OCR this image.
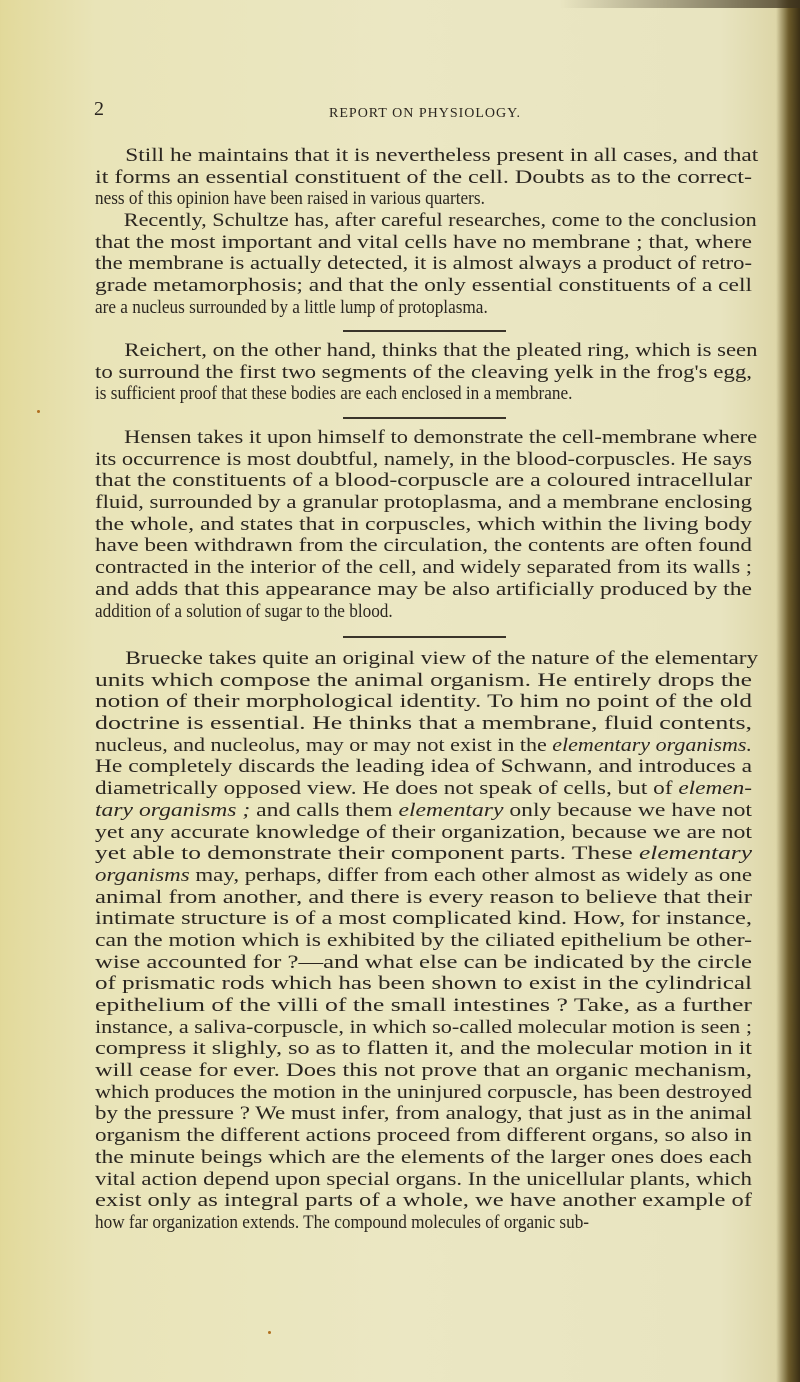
2	REPORT ON PHYSIOLOGY.
Still he maintains that it is nevertheless present in all cases, and that
it forms an essential constituent of the cell. Doubts as to the correct-
ness of this opinion have been raised in various quarters.
Recently, Schultze has, after careful researches, come to the conclusion
that the most important and vital cells have no membrane ; that, where
the membrane is actually detected, it is almost always a product of retro-
grade metamorphosis; and that the only essential constituents of a cell
are a nucleus surrounded by a little lump of protoplasma.
Reichert, on the other hand, thinks that the pleated ring, which is seen
to surround the first two segments of the cleaving yelk in the frog's egg,
is sufficient proof that these bodies are each enclosed in a membrane.
Hensen takes it upon himself to demonstrate the cell-membrane where
its occurrence is most doubtful, namely, in the blood-corpuscles. He says
that the constituents of a blood-corpuscle are a coloured intracellular
fluid, surrounded by a granular protoplasma, and a membrane enclosing
the whole, and states that in corpuscles, which within the living body
have been withdrawn from the circulation, the contents are often found
contracted in the interior of the cell, and widely separated from its walls ;
and adds that this appearance may be also artificially produced by the
addition of a solution of sugar to the blood.
Bruecke takes quite an original view of the nature of the elementary
units which compose the animal organism. He entirely drops the
notion of their morphological identity. To him no point of the old
doctrine is essential. He thinks that a membrane, fluid contents,
nucleus, and nucleolus, may or may not exist in the elementary organisms.
He completely discards the leading idea of Schwann, and introduces a
diametrically opposed view. He does not speak of cells, but of elemen-
tary organisms ; and calls them elementary only because we have not
yet any accurate knowledge of their organization, because we are not
yet able to demonstrate their component parts. These elementary
organisms may, perhaps, differ from each other almost as widely as one
animal from another, and there is every reason to believe that their
intimate structure is of a most complicated kind. How, for instance,
can the motion which is exhibited by the ciliated epithelium be other-
wise accounted for ?—and what else can be indicated by the circle
of prismatic rods which has been shown to exist in the cylindrical
epithelium of the villi of the small intestines ? Take, as a further
instance, a saliva-corpuscle, in which so-called molecular motion is seen ;
compress it slighly, so as to flatten it, and the molecular motion in it
will cease for ever. Does this not prove that an organic mechanism,
which produces the motion in the uninjured corpuscle, has been destroyed
by the pressure ? We must infer, from analogy, that just as in the animal
organism the different actions proceed from different organs, so also in
the minute beings which are the elements of the larger ones does each
vital action depend upon special organs. In the unicellular plants, which
exist only as integral parts of a whole, we have another example of
how far organization extends. The compound molecules of organic sub-
